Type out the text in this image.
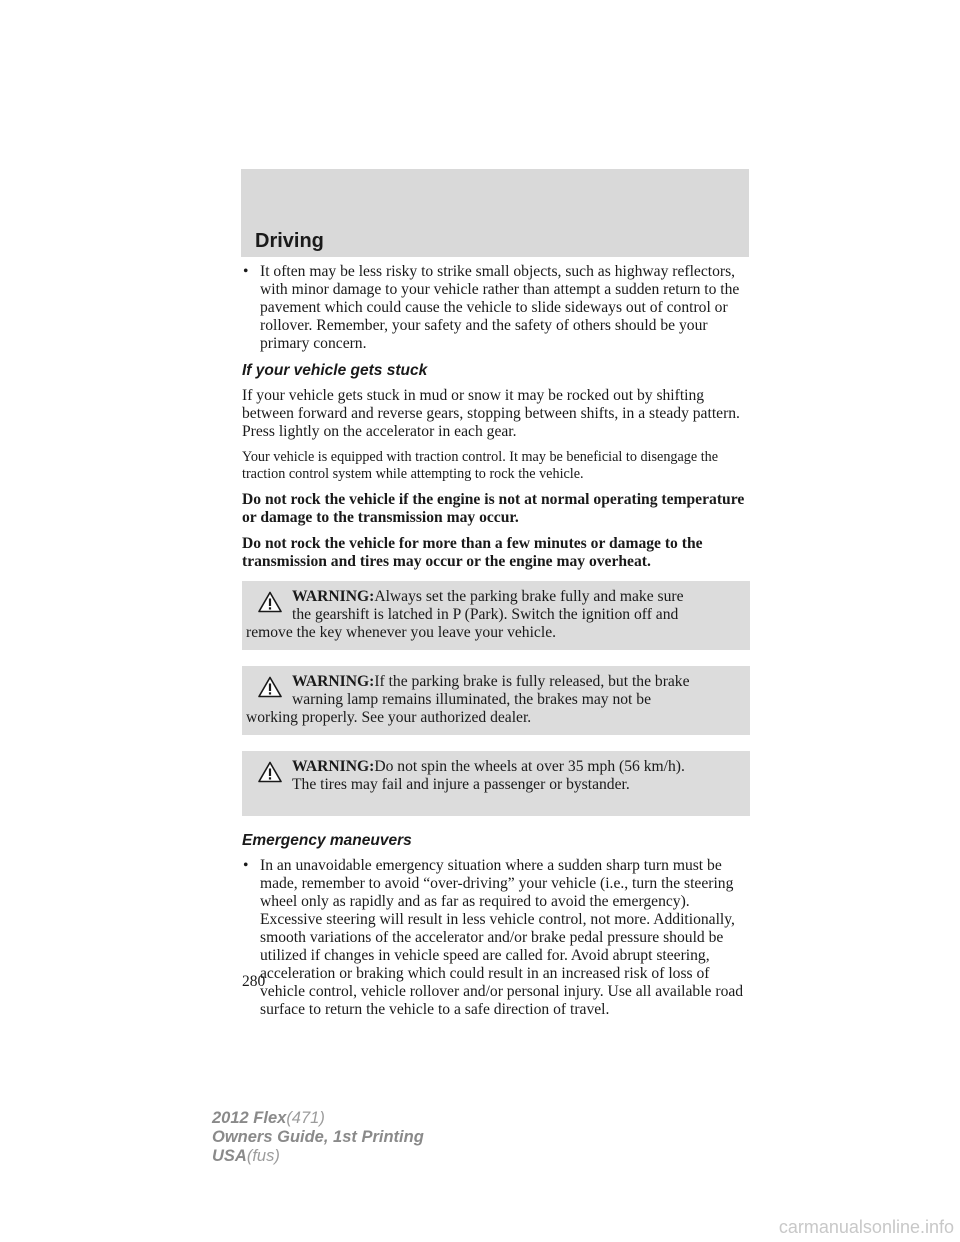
Driving
• It often may be less risky to strike small objects, such as highway reflectors, with minor damage to your vehicle rather than attempt a sudden return to the pavement which could cause the vehicle to slide sideways out of control or rollover. Remember, your safety and the safety of others should be your primary concern.
If your vehicle gets stuck

If your vehicle gets stuck in mud or snow it may be rocked out by shifting between forward and reverse gears, stopping between shifts, in a steady pattern. Press lightly on the accelerator in each gear.

Your vehicle is equipped with traction control. It may be beneficial to disengage the traction control system while attempting to rock the vehicle.

Do not rock the vehicle if the engine is not at normal operating temperature or damage to the transmission may occur.

Do not rock the vehicle for more than a few minutes or damage to the transmission and tires may occur or the engine may overheat.

WARNING:Always set the parking brake fully and make sure
the gearshift is latched in P (Park). Switch the ignition off and
remove the key whenever you leave your vehicle.
WARNING:If the parking brake is fully released, but the brake
warning lamp remains illuminated, the brakes may not be
working properly. See your authorized dealer.
WARNING:Do not spin the wheels at over 35 mph (56 km/h).
The tires may fail and injure a passenger or bystander.
Emergency maneuvers
• In an unavoidable emergency situation where a sudden sharp turn must be made, remember to avoid “over-driving” your vehicle (i.e., turn the steering wheel only as rapidly and as far as required to avoid the emergency). Excessive steering will result in less vehicle control, not more. Additionally, smooth variations of the accelerator and/or brake pedal pressure should be utilized if changes in vehicle speed are called for. Avoid abrupt steering, acceleration or braking which could result in an increased risk of loss of vehicle control, vehicle rollover and/or personal injury. Use all available road surface to return the vehicle to a safe direction of travel.
280
2012 Flex(471)
Owners Guide, 1st Printing
USA(fus)
carmanualsonline.info
